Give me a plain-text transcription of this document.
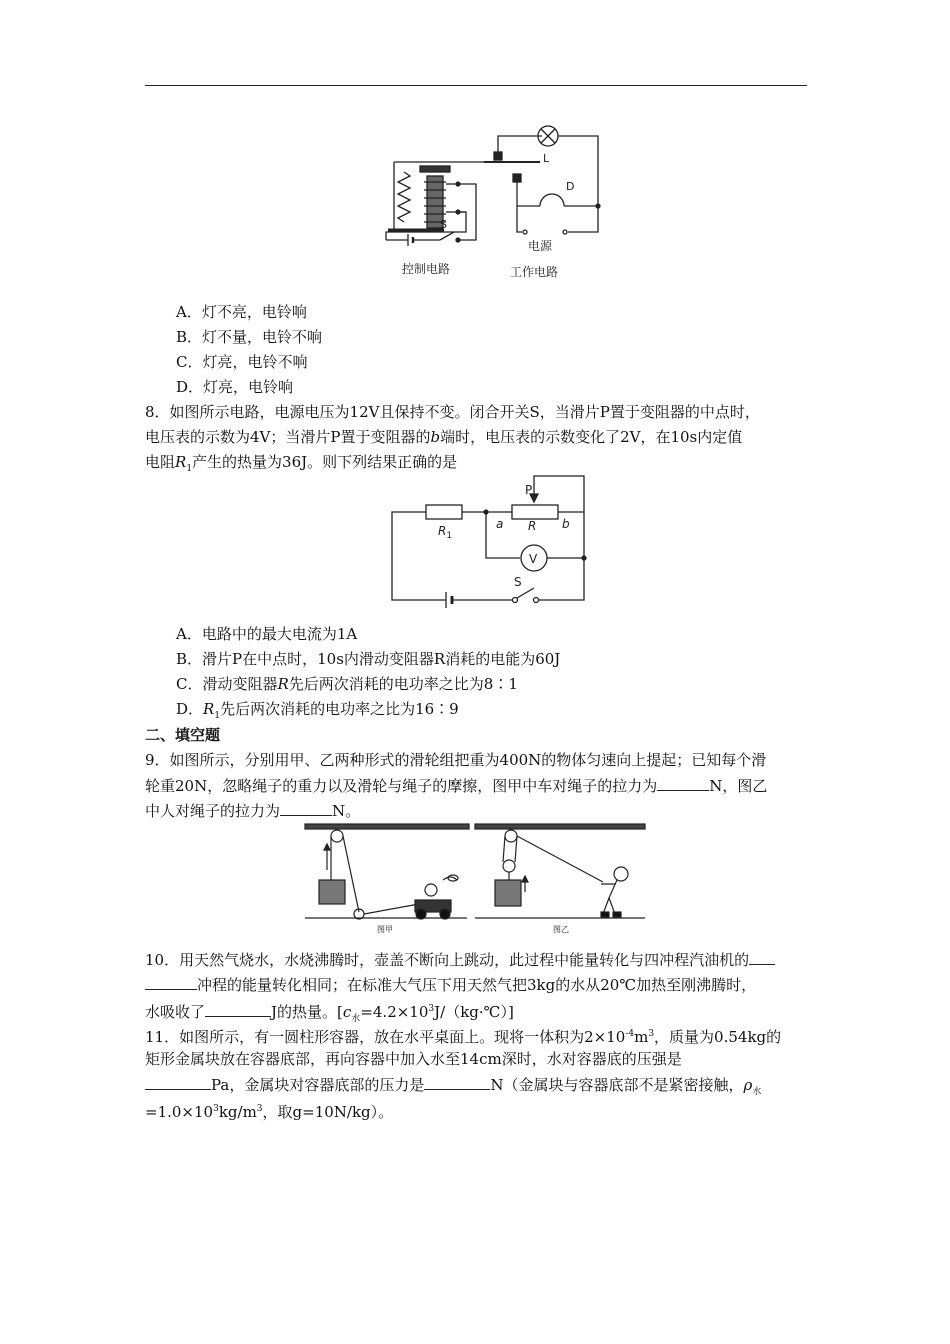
L
D
S
电源
控制电路	工作电路
A．灯不亮，电铃响
B．灯不量，电铃不响
C．灯亮，电铃不响
D．灯亮，电铃响
8．如图所示电路，电源电压为12V且保持不变。闭合开关S，当滑片P置于变阻器的中点时，
电压表的示数为4V；当滑片P置于变阻器的b端时，电压表的示数变化了2V，在10s内定值
电阻$R_1$产生的热量为36J。则下列结果正确的是
P
$R_1$
a R b
V
S
A．电路中的最大电流为1A
B．滑片P在中点时，10s内滑动变阻器R消耗的电能为60J
C．滑动变阻器R先后两次消耗的电功率之比为8∶1
D．$R_1$先后两次消耗的电功率之比为16∶9
二、填空题
9．如图所示，分别用甲、乙两种形式的滑轮组把重为400N的物体匀速向上提起；已知每个滑
轮重20N，忽略绳子的重力以及滑轮与绳子的摩擦，图甲中车对绳子的拉力为	N，图乙
中人对绳子的拉力为	N。
图甲	图乙
10．用天然气烧水，水烧沸腾时，壶盖不断向上跳动，此过程中能量转化与四冲程汽油机的
冲程的能量转化相同；在标准大气压下用天然气把3kg的水从20℃加热至刚沸腾时，
水吸收了	J的热量。$[c_水=4.2\times 10^3J/(kg\cdot℃)]$
11．如图所示，有一圆柱形容器，放在水平桌面上。现将一体积为$2\times 10^{-4}m^3$，质量为0.54kg的
矩形金属块放在容器底部，再向容器中加入水至14cm深时，水对容器底的压强是
Pa，金属块对容器底部的压力是	N（金属块与容器底部不是紧密接触，$\rho_水$
$=1.0\times 10^3kg/m^3$，取g=10N/kg）。
